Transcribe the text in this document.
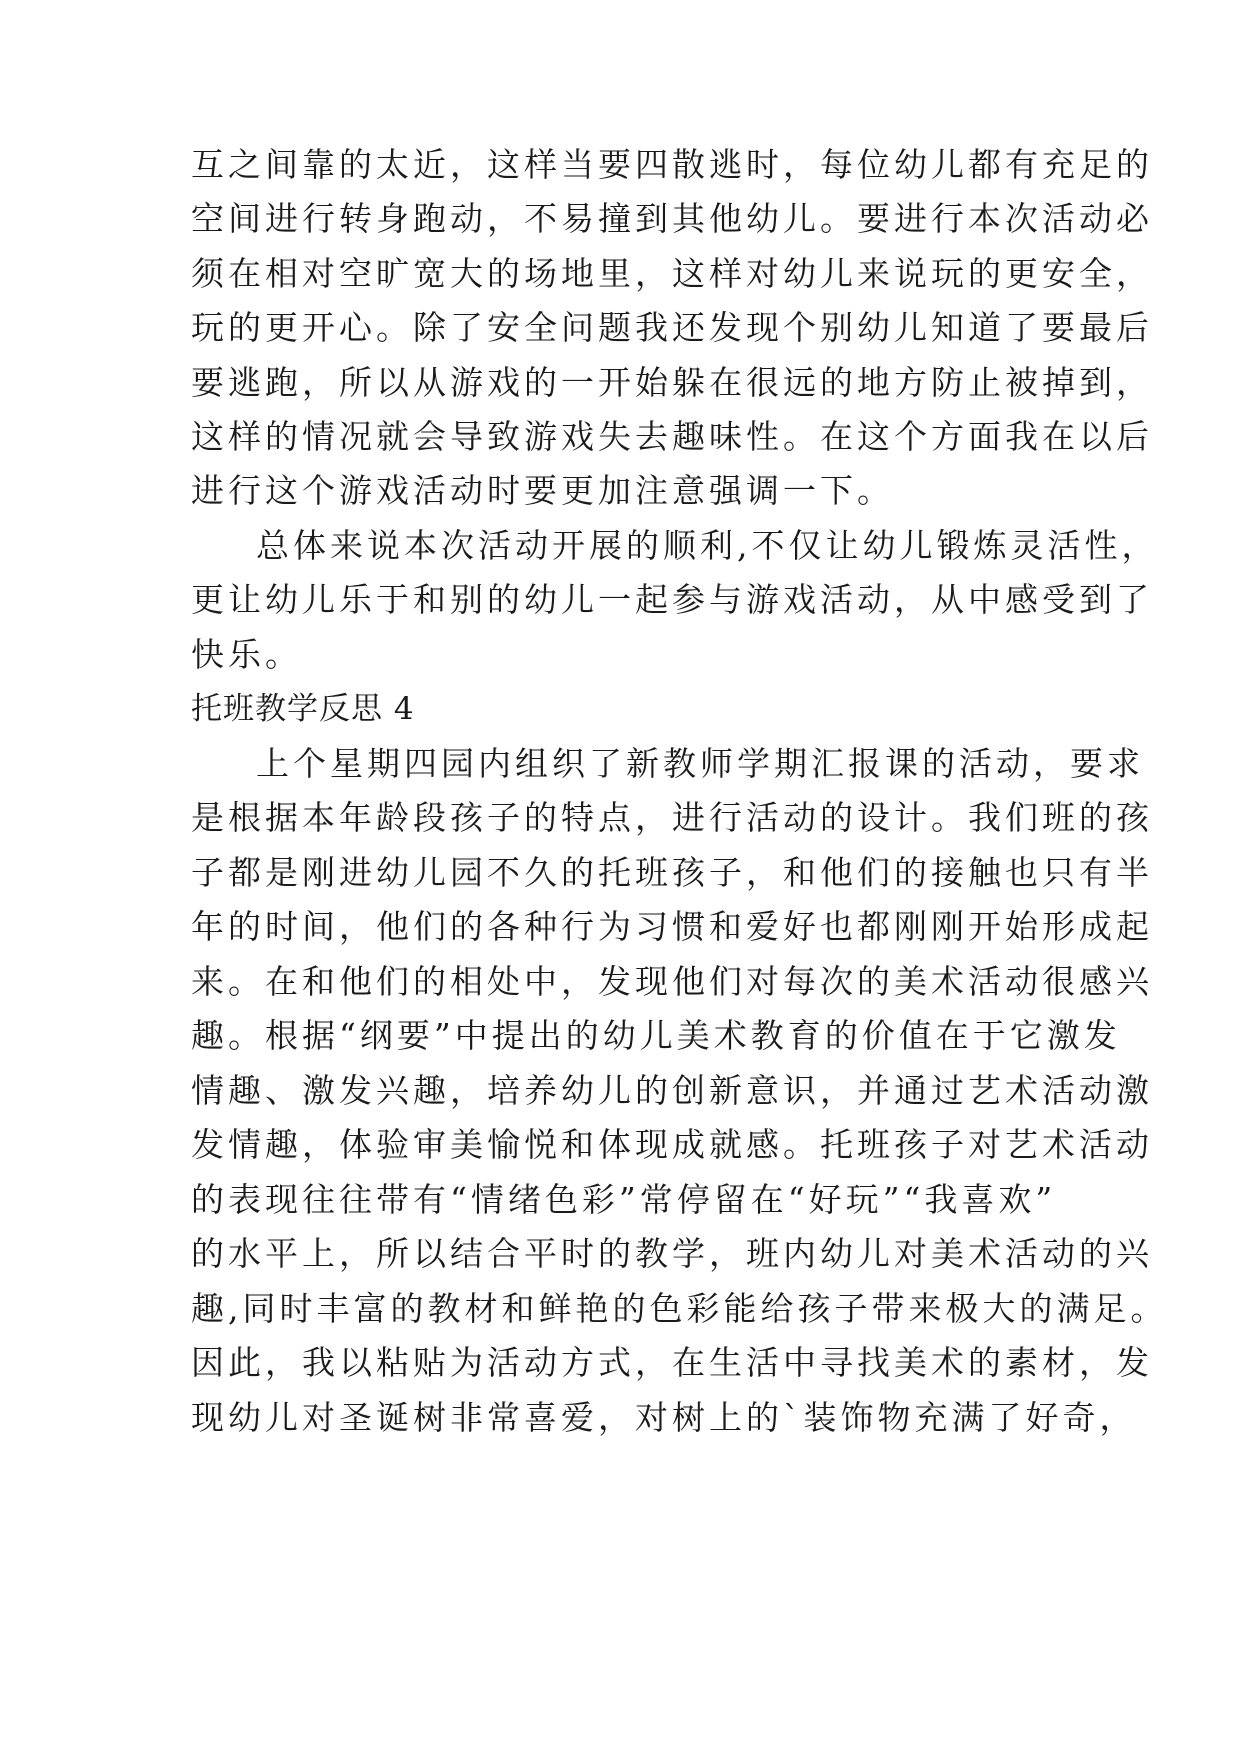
互之间靠的太近，这样当要四散逃时，每位幼儿都有充足的
空间进行转身跑动，不易撞到其他幼儿。要进行本次活动必
须在相对空旷宽大的场地里，这样对幼儿来说玩的更安全，
玩的更开心。除了安全问题我还发现个别幼儿知道了要最后
要逃跑，所以从游戏的一开始躲在很远的地方防止被掉到，
这样的情况就会导致游戏失去趣味性。在这个方面我在以后
进行这个游戏活动时要更加注意强调一下。
总体来说本次活动开展的顺利,不仅让幼儿锻炼灵活性，
更让幼儿乐于和别的幼儿一起参与游戏活动，从中感受到了
快乐。
托班教学反思 4
上个星期四园内组织了新教师学期汇报课的活动，要求
是根据本年龄段孩子的特点，进行活动的设计。我们班的孩
子都是刚进幼儿园不久的托班孩子，和他们的接触也只有半
年的时间，他们的各种行为习惯和爱好也都刚刚开始形成起
来。在和他们的相处中，发现他们对每次的美术活动很感兴
趣。根据“纲要”中提出的幼儿美术教育的价值在于它激发
情趣、激发兴趣，培养幼儿的创新意识，并通过艺术活动激
发情趣，体验审美愉悦和体现成就感。托班孩子对艺术活动
的表现往往带有“情绪色彩”常停留在“好玩”“我喜欢”
的水平上，所以结合平时的教学，班内幼儿对美术活动的兴
趣,同时丰富的教材和鲜艳的色彩能给孩子带来极大的满足。
因此，我以粘贴为活动方式，在生活中寻找美术的素材，发
现幼儿对圣诞树非常喜爱，对树上的`装饰物充满了好奇，
